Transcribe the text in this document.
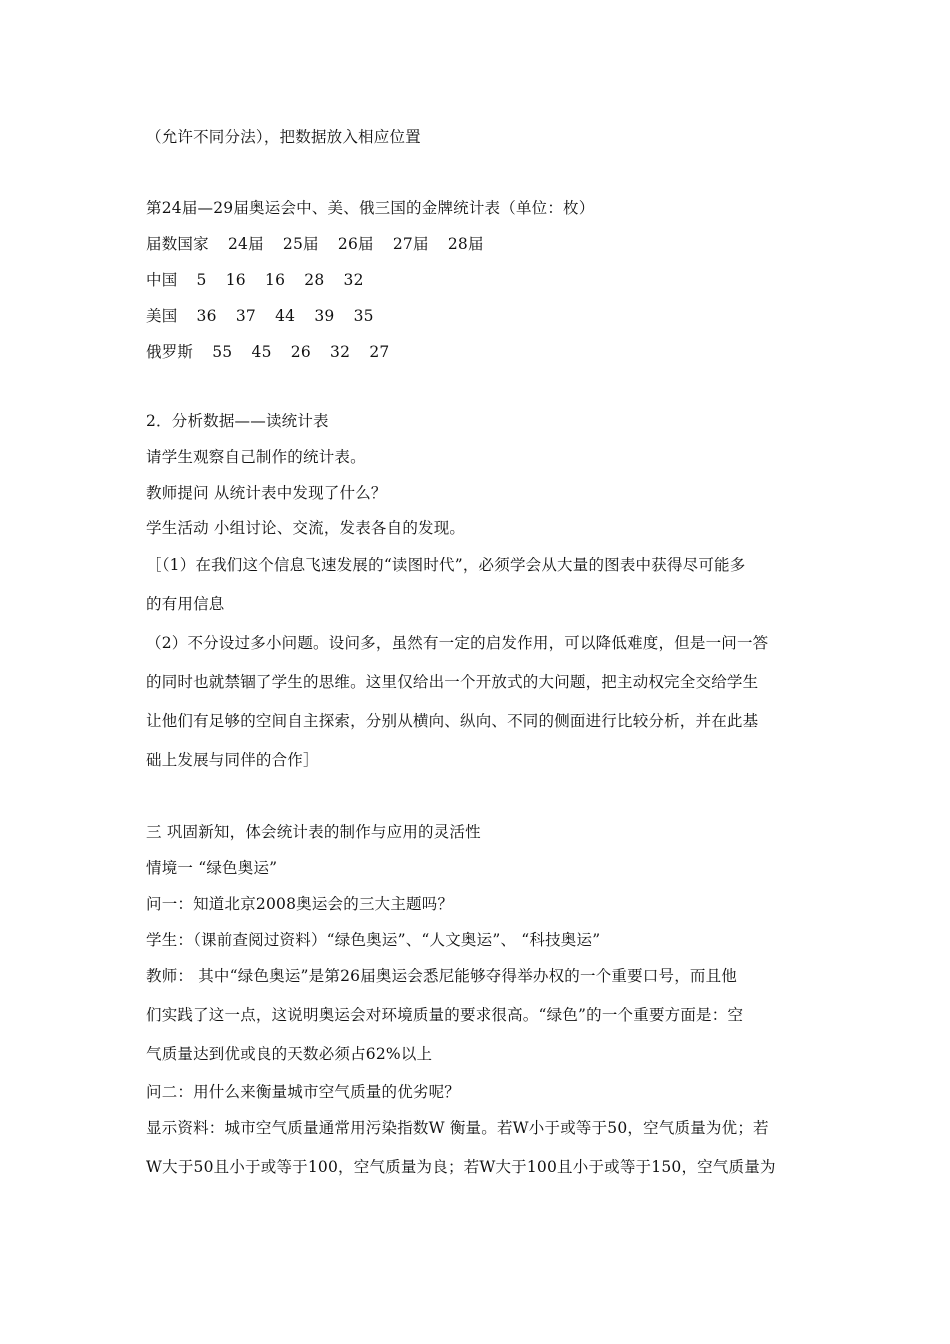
（允许不同分法），把数据放入相应位置
第24届—29届奥运会中、美、俄三国的金牌统计表（单位：枚）
届数国家 24届 25届 26届 27届 28届
中国 5 16 16 28 32
美国 36 37 44 39 35
俄罗斯 55 45 26 32 27
2．分析数据——读统计表
请学生观察自己制作的统计表。
教师提问 从统计表中发现了什么？
学生活动 小组讨论、交流，发表各自的发现。
［（1）在我们这个信息飞速发展的“读图时代”，必须学会从大量的图表中获得尽可能多
的有用信息
（2）不分设过多小问题。设问多，虽然有一定的启发作用，可以降低难度，但是一问一答
的同时也就禁锢了学生的思维。这里仅给出一个开放式的大问题，把主动权完全交给学生
让他们有足够的空间自主探索，分别从横向、纵向、不同的侧面进行比较分析，并在此基
础上发展与同伴的合作］
三 巩固新知，体会统计表的制作与应用的灵活性
情境一 “绿色奥运”
问一：知道北京2008奥运会的三大主题吗？
学生：（课前查阅过资料）“绿色奥运”、“人文奥运”、 “科技奥运”
教师： 其中“绿色奥运”是第26届奥运会悉尼能够夺得举办权的一个重要口号，而且他
们实践了这一点，这说明奥运会对环境质量的要求很高。“绿色”的一个重要方面是：空
气质量达到优或良的天数必须占62%以上
问二：用什么来衡量城市空气质量的优劣呢？
显示资料：城市空气质量通常用污染指数W 衡量。若W小于或等于50，空气质量为优；若
W大于50且小于或等于100，空气质量为良；若W大于100且小于或等于150，空气质量为
